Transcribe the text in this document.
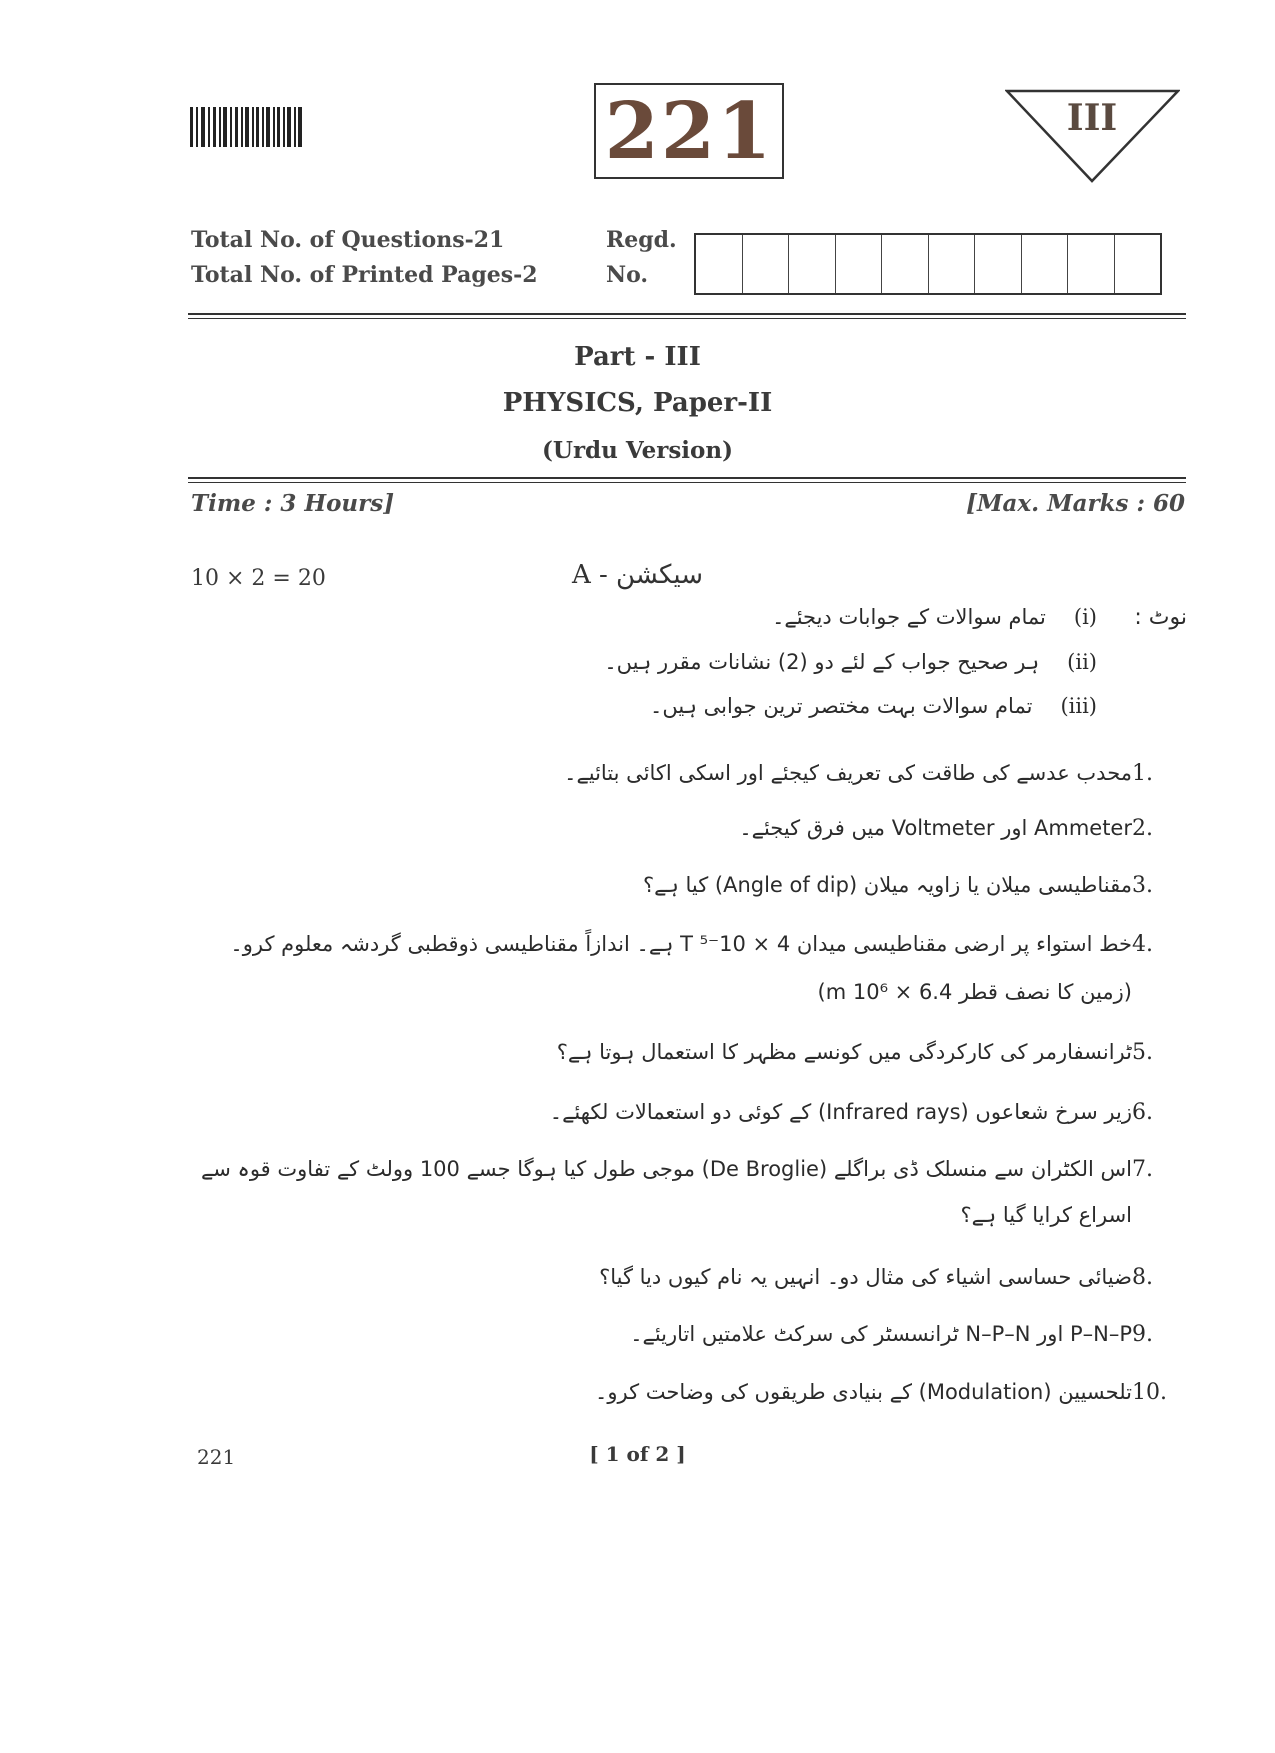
221	III
Total No. of Questions-21
Total No. of Printed Pages-2
Regd.
No.
Part - III
PHYSICS, Paper-II
(Urdu Version)
Time : 3 Hours]	[Max. Marks : 60
10 × 2 = 20	سیکشن - A
نوٹ :
(i)تمام سوالات کے جوابات دیجئے۔
(ii)ہر صحیح جواب کے لئے دو (2) نشانات مقرر ہیں۔
(iii)تمام سوالات بہت مختصر ترین جوابی ہیں۔
1.
محدب عدسے کی طاقت کی تعریف کیجئے اور اسکی اکائی بتائیے۔
2.
Ammeter اور Voltmeter میں فرق کیجئے۔
3.
مقناطیسی میلان یا زاویہ میلان (Angle of dip) کیا ہے؟
4.
خط استواء پر ارضی مقناطیسی میدان 4 × 10⁻⁵ T ہے۔ اندازاً مقناطیسی ذوقطبی گردشہ معلوم کرو۔
(زمین کا نصف قطر 6.4 × 10⁶ m)
5.
ٹرانسفارمر کی کارکردگی میں کونسے مظہر کا استعمال ہوتا ہے؟
6.
زیر سرخ شعاعوں (Infrared rays) کے کوئی دو استعمالات لکھئے۔
7.
اس الکٹران سے منسلک ڈی براگلے (De Broglie) موجی طول کیا ہوگا جسے 100 وولٹ کے تفاوت قوہ سے
اسراع کرایا گیا ہے؟
8.
ضیائی حساسی اشیاء کی مثال دو۔ انہیں یہ نام کیوں دیا گیا؟
9.
P–N–P اور N–P–N ٹرانسسٹر کی سرکٹ علامتیں اتاریئے۔
10.
تلحسیین (Modulation) کے بنیادی طریقوں کی وضاحت کرو۔
221	[ 1 of 2 ]
